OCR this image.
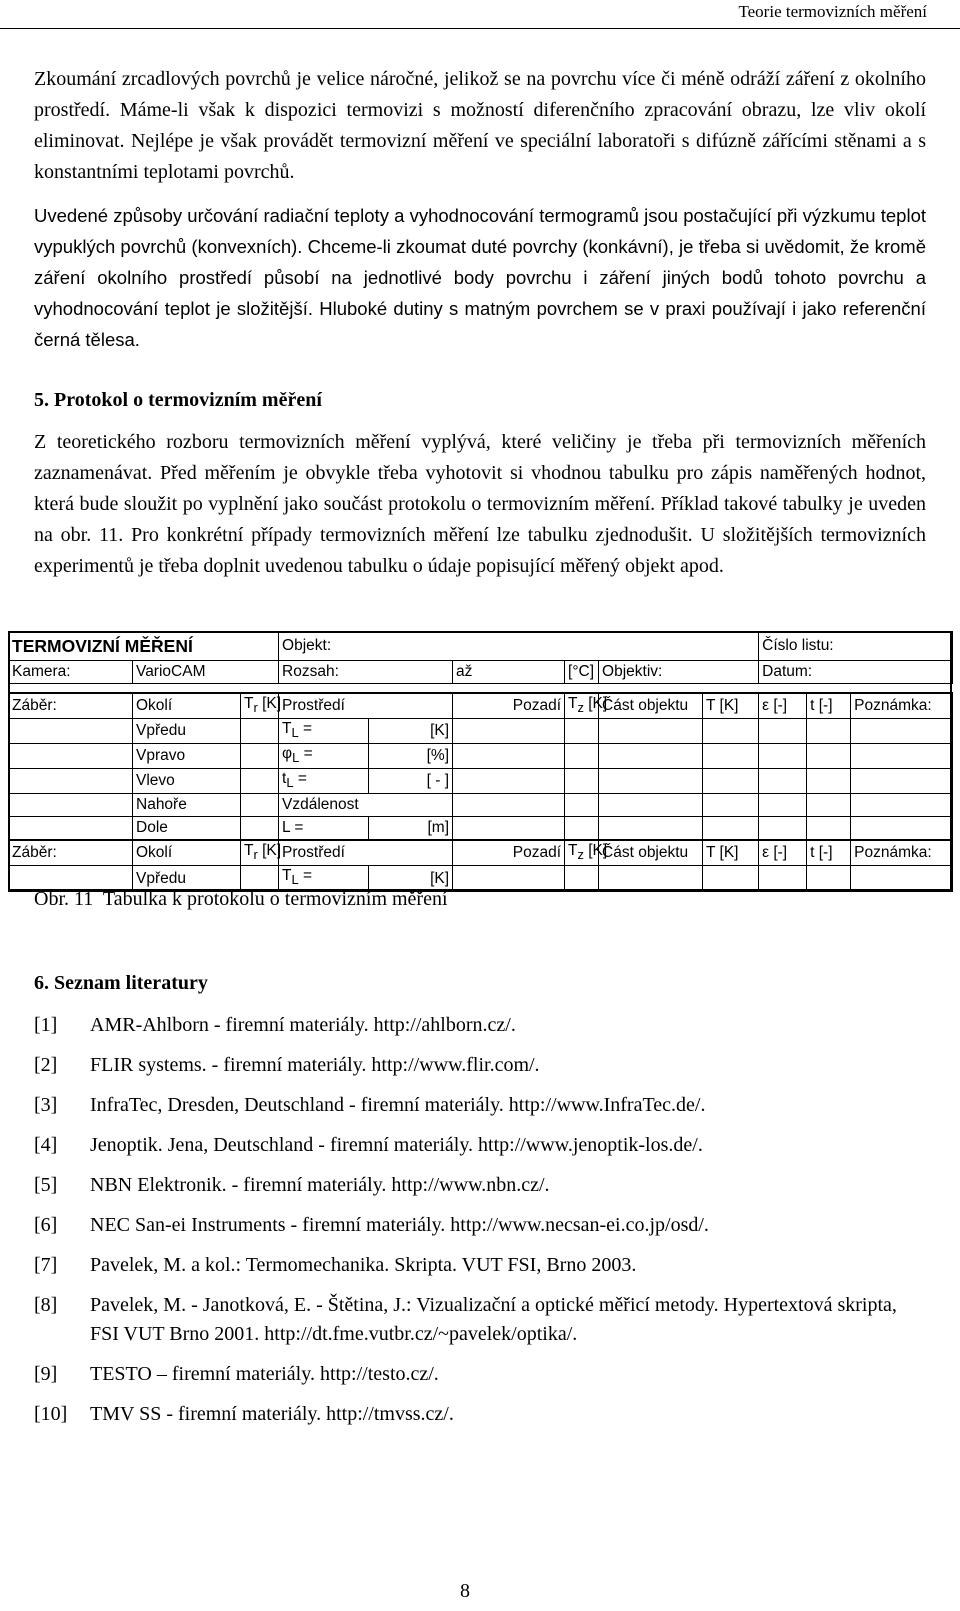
Teorie termovizních měření

Zkoumání zrcadlových povrchů je velice náročné, jelikož se na povrchu více či méně odráží záření z okolního prostředí. Máme-li však k dispozici termovizi s možností diferenčního zpracování obrazu, lze vliv okolí eliminovat. Nejlépe je však provádět termovizní měření ve speciální laboratoři s difúzně zářícími stěnami a s konstantními teplotami povrchů.

Uvedené způsoby určování radiační teploty a vyhodnocování termogramů jsou postačující při výzkumu teplot vypuklých povrchů (konvexních). Chceme-li zkoumat duté povrchy (konkávní), je třeba si uvědomit, že kromě záření okolního prostředí působí na jednotlivé body povrchu i záření jiných bodů tohoto povrchu a vyhodnocování teplot je složitější. Hluboké dutiny s matným povrchem se v praxi používají i jako referenční černá tělesa.

5. Protokol o termovizním měření

Z teoretického rozboru termovizních měření vyplývá, které veličiny je třeba při termovizních měřeních zaznamenávat. Před měřením je obvykle třeba vyhotovit si vhodnou tabulku pro zápis naměřených hodnot, která bude sloužit po vyplnění jako součást protokolu o termovizním měření. Příklad takové tabulky je uveden na obr. 11. Pro konkrétní případy termovizních měření lze tabulku zjednodušit. U složitějších termovizních experimentů je třeba doplnit uvedenou tabulku o údaje popisující měřený objekt apod.

TERMOVIZNÍ MĚŘENÍ			Objekt:						Číslo listu:		
Kamera:	VarioCAM		Rozsah:		až	[°C]	Objektiv:		Datum:		

Záběr:	Okolí	$T_r$ [K]	Prostředí		Pozadí	$T_z$ [K]	Část objektu	T [K]	ε [-]	t [-]	Poznámka:
	Vpředu		$T_L$ =	[K]							
	Vpravo		$\varphi_L$ =	[%]							
	Vlevo		$t_L$ =	[ - ]							
	Nahoře		Vzdálenost								
	Dole		L =	[m]							
Záběr:	Okolí	$T_r$ [K]	Prostředí		Pozadí	$T_z$ [K]	Část objektu	T [K]	ε [-]	t [-]	Poznámka:
	Vpředu		$T_L$ =	[K]							
Obr. 11  Tabulka k protokolu o termovizním měření
6. Seznam literatury
[1]	AMR-Ahlborn - firemní materiály. http://ahlborn.cz/.
[2]	FLIR systems. - firemní materiály. http://www.flir.com/.
[3]	InfraTec, Dresden, Deutschland - firemní materiály. http://www.InfraTec.de/.
[4]	Jenoptik. Jena, Deutschland - firemní materiály. http://www.jenoptik-los.de/.
[5]	NBN Elektronik. - firemní materiály. http://www.nbn.cz/.
[6]	NEC San-ei Instruments - firemní materiály. http://www.necsan-ei.co.jp/osd/.
[7]	Pavelek, M. a kol.: Termomechanika. Skripta. VUT FSI, Brno 2003.
[8]	Pavelek, M. - Janotková, E. - Štětina, J.: Vizualizační a optické měřicí metody. Hypertextová skripta, FSI VUT Brno 2001. http://dt.fme.vutbr.cz/~pavelek/optika/.
[9]	TESTO – firemní materiály. http://testo.cz/.
[10]	TMV SS - firemní materiály. http://tmvss.cz/.
8
